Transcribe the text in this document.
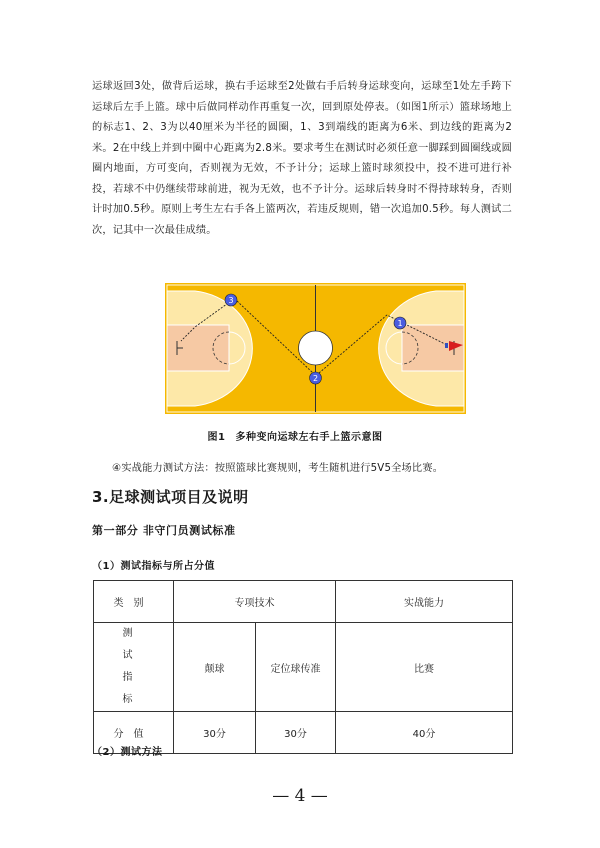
运球返回3处，做背后运球，换右手运球至2处做右手后转身运球变向，运球至1处左手跨下运球后左手上篮。球中后做同样动作再重复一次，回到原处停表。（如图1所示）篮球场地上的标志1、2、3为以40厘米为半径的圆圈，1、3到端线的距离为6米、到边线的距离为2米。2在中线上并到中圈中心距离为2.8米。要求考生在测试时必须任意一脚踩到圆圈线或圆圈内地面，方可变向，否则视为无效，不予计分；运球上篮时球须投中，投不进可进行补投，若球不中仍继续带球前进，视为无效，也不予计分。运球后转身时不得持球转身，否则计时加0.5秒。原则上考生左右手各上篮两次，若违反规则，错一次追加0.5秒。每人测试二次，记其中一次最佳成绩。

3
2
1
图1 多种变向运球左右手上篮示意图
④实战能力测试方法：按照篮球比赛规则，考生随机进行5V5全场比赛。
3.足球测试项目及说明
第一部分 非守门员测试标准
（1）测试指标与所占分值
类别	专项技术		实战能力

测试指标	颠球	定位球传准	比赛
分值	30分	30分	40分
（2）测试方法
— 4 —
